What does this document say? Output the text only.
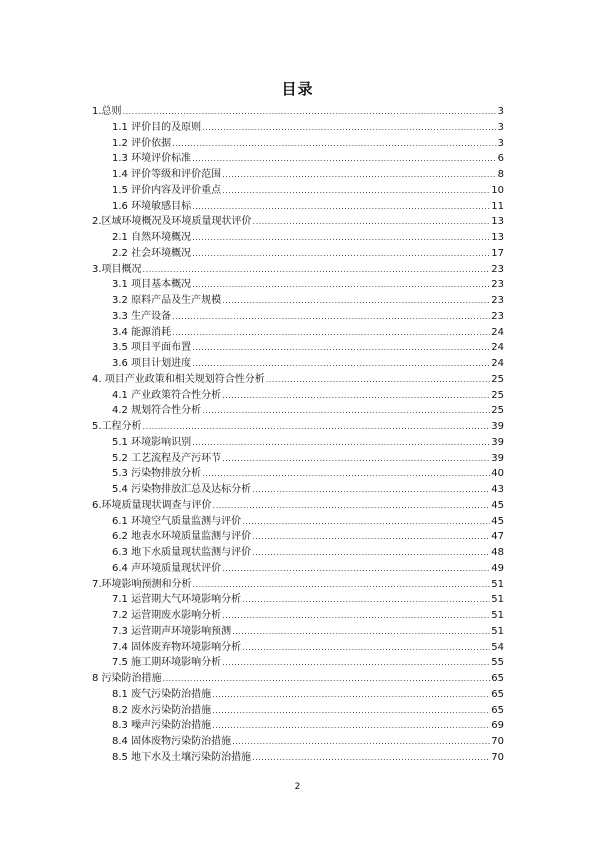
目录
1.总则 .....	3
1.1 评价目的及原则 .....	3
1.2 评价依据 .....	3
1.3 环境评价标准 .....	6
1.4 评价等级和评价范围 .....	8
1.5 评价内容及评价重点 .....	10
1.6 环境敏感目标 .....	11
2.区域环境概况及环境质量现状评价 .....	13
2.1 自然环境概况 .....	13
2.2 社会环境概况 .....	17
3.项目概况 .....	23
3.1 项目基本概况 .....	23
3.2 原料产品及生产规模 .....	23
3.3 生产设备 .....	23
3.4 能源消耗 .....	24
3.5 项目平面布置 .....	24
3.6 项目计划进度 .....	24
4. 项目产业政策和相关规划符合性分析 .....	25
4.1 产业政策符合性分析 .....	25
4.2 规划符合性分析 .....	25
5.工程分析 .....	39
5.1 环境影响识别 .....	39
5.2 工艺流程及产污环节 .....	39
5.3 污染物排放分析 .....	40
5.4 污染物排放汇总及达标分析 .....	43
6.环境质量现状调查与评价 .....	45
6.1 环境空气质量监测与评价 .....	45
6.2 地表水环境质量监测与评价 .....	47
6.3 地下水质量现状监测与评价 .....	48
6.4 声环境质量现状评价 .....	49
7.环境影响预测和分析 .....	51
7.1 运营期大气环境影响分析 .....	51
7.2 运营期废水影响分析 .....	51
7.3 运营期声环境影响预测 .....	51
7.4 固体废弃物环境影响分析 .....	54
7.5 施工期环境影响分析 .....	55
8 污染防治措施 .....	65
8.1 废气污染防治措施 .....	65
8.2 废水污染防治措施 .....	65
8.3 噪声污染防治措施 .....	69
8.4 固体废物污染防治措施 .....	70
8.5 地下水及土壤污染防治措施 .....	70
2
